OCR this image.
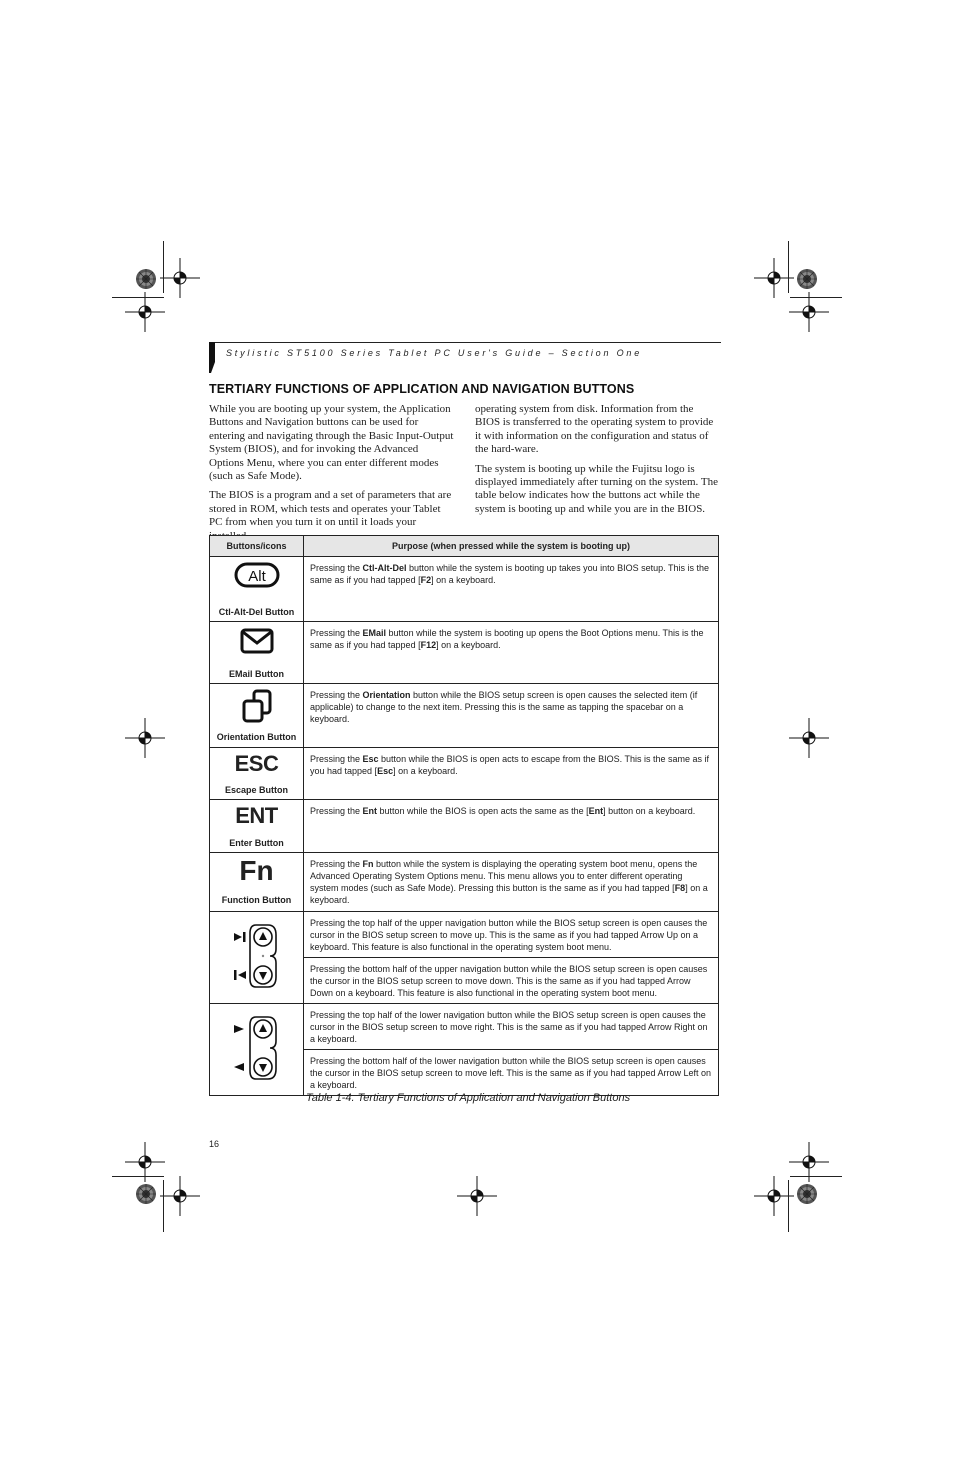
Stylistic ST5100 Series Tablet PC User's Guide – Section One
TERTIARY FUNCTIONS OF APPLICATION AND NAVIGATION BUTTONS

While you are booting up your system, the Application Buttons and Navigation buttons can be used for entering and navigating through the Basic Input-Output System (BIOS), and for invoking the Advanced Options Menu, where you can enter different modes (such as Safe Mode).

The BIOS is a program and a set of parameters that are stored in ROM, which tests and operates your Tablet PC from when you turn it on until it loads your

operating system from disk. Information from the BIOS is transferred to the operating system to provide it with information on the configuration and status of the hard-ware.

The system is booting up while the Fujitsu logo is displayed immediately after turning on the system. The table below indicates how the buttons act while the system is booting up and while you are in the BIOS.

Buttons/icons	Purpose (when pressed while the system is booting up)

Alt
Ctl-Alt-Del Button	Pressing the Ctl-Alt-Del button while the system is booting up takes you into BIOS setup. This is the same as if you had tapped [F2] on a keyboard.

EMail Button	Pressing the EMail button while the system is booting up opens the Boot Options menu. This is the same as if you had tapped [F12] on a keyboard.

Orientation Button	Pressing the Orientation button while the BIOS setup screen is open causes the selected item (if applicable) to change to the next item. Pressing this is the same as tapping the spacebar on a keyboard.

ESC
Escape Button	Pressing the Esc button while the BIOS is open acts to escape from the BIOS. This is the same as if you had tapped [Esc] on a keyboard.

ENT
Enter Button	Pressing the Ent button while the BIOS is open acts the same as the [Ent] button on a keyboard.

Fn
Function Button	Pressing the Fn button while the system is displaying the operating system boot menu, opens the Advanced Operating System Options menu. This menu allows you to enter different operating system modes (such as Safe Mode). Pressing this button is the same as if you had tapped [F8] on a keyboard.
	Pressing the top half of the upper navigation button while the BIOS setup screen is open causes the cursor in the BIOS setup screen to move up. This is the same as if you had tapped Arrow Up on a keyboard. This feature is also functional in the operating system boot menu.
	Pressing the bottom half of the upper navigation button while the BIOS setup screen is open causes the cursor in the BIOS setup screen to move down. This is the same as if you had tapped Arrow Down on a keyboard. This feature is also functional in the operating system boot menu.
	Pressing the top half of the lower navigation button while the BIOS setup screen is open causes the cursor in the BIOS setup screen to move right. This is the same as if you had tapped Arrow Right on a keyboard.
	Pressing the bottom half of the lower navigation button while the BIOS setup screen is open causes the cursor in the BIOS setup screen to move left. This is the same as if you had tapped Arrow Left on a keyboard.
Table 1-4. Tertiary Functions of Application and Navigation Buttons
16
